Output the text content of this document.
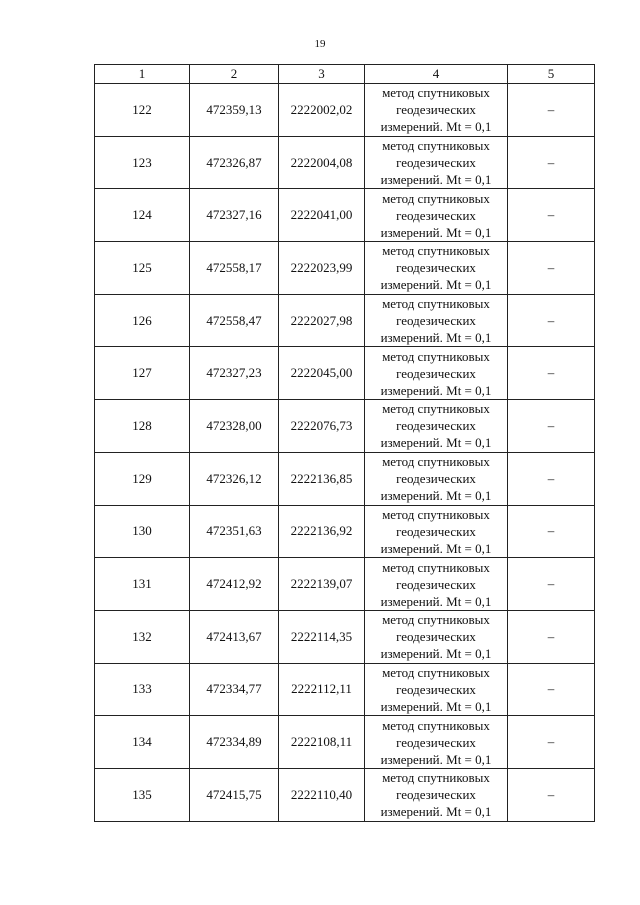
19
1	2	3	4	5
122	472359,13	2222002,02	метод спутниковых
геодезических
измерений. Mt = 0,1	–
123	472326,87	2222004,08	метод спутниковых
геодезических
измерений. Mt = 0,1	–
124	472327,16	2222041,00	метод спутниковых
геодезических
измерений. Mt = 0,1	–
125	472558,17	2222023,99	метод спутниковых
геодезических
измерений. Mt = 0,1	–
126	472558,47	2222027,98	метод спутниковых
геодезических
измерений. Mt = 0,1	–
127	472327,23	2222045,00	метод спутниковых
геодезических
измерений. Mt = 0,1	–
128	472328,00	2222076,73	метод спутниковых
геодезических
измерений. Mt = 0,1	–
129	472326,12	2222136,85	метод спутниковых
геодезических
измерений. Mt = 0,1	–
130	472351,63	2222136,92	метод спутниковых
геодезических
измерений. Mt = 0,1	–
131	472412,92	2222139,07	метод спутниковых
геодезических
измерений. Mt = 0,1	–
132	472413,67	2222114,35	метод спутниковых
геодезических
измерений. Mt = 0,1	–
133	472334,77	2222112,11	метод спутниковых
геодезических
измерений. Mt = 0,1	–
134	472334,89	2222108,11	метод спутниковых
геодезических
измерений. Mt = 0,1	–
135	472415,75	2222110,40	метод спутниковых
геодезических
измерений. Mt = 0,1	–
